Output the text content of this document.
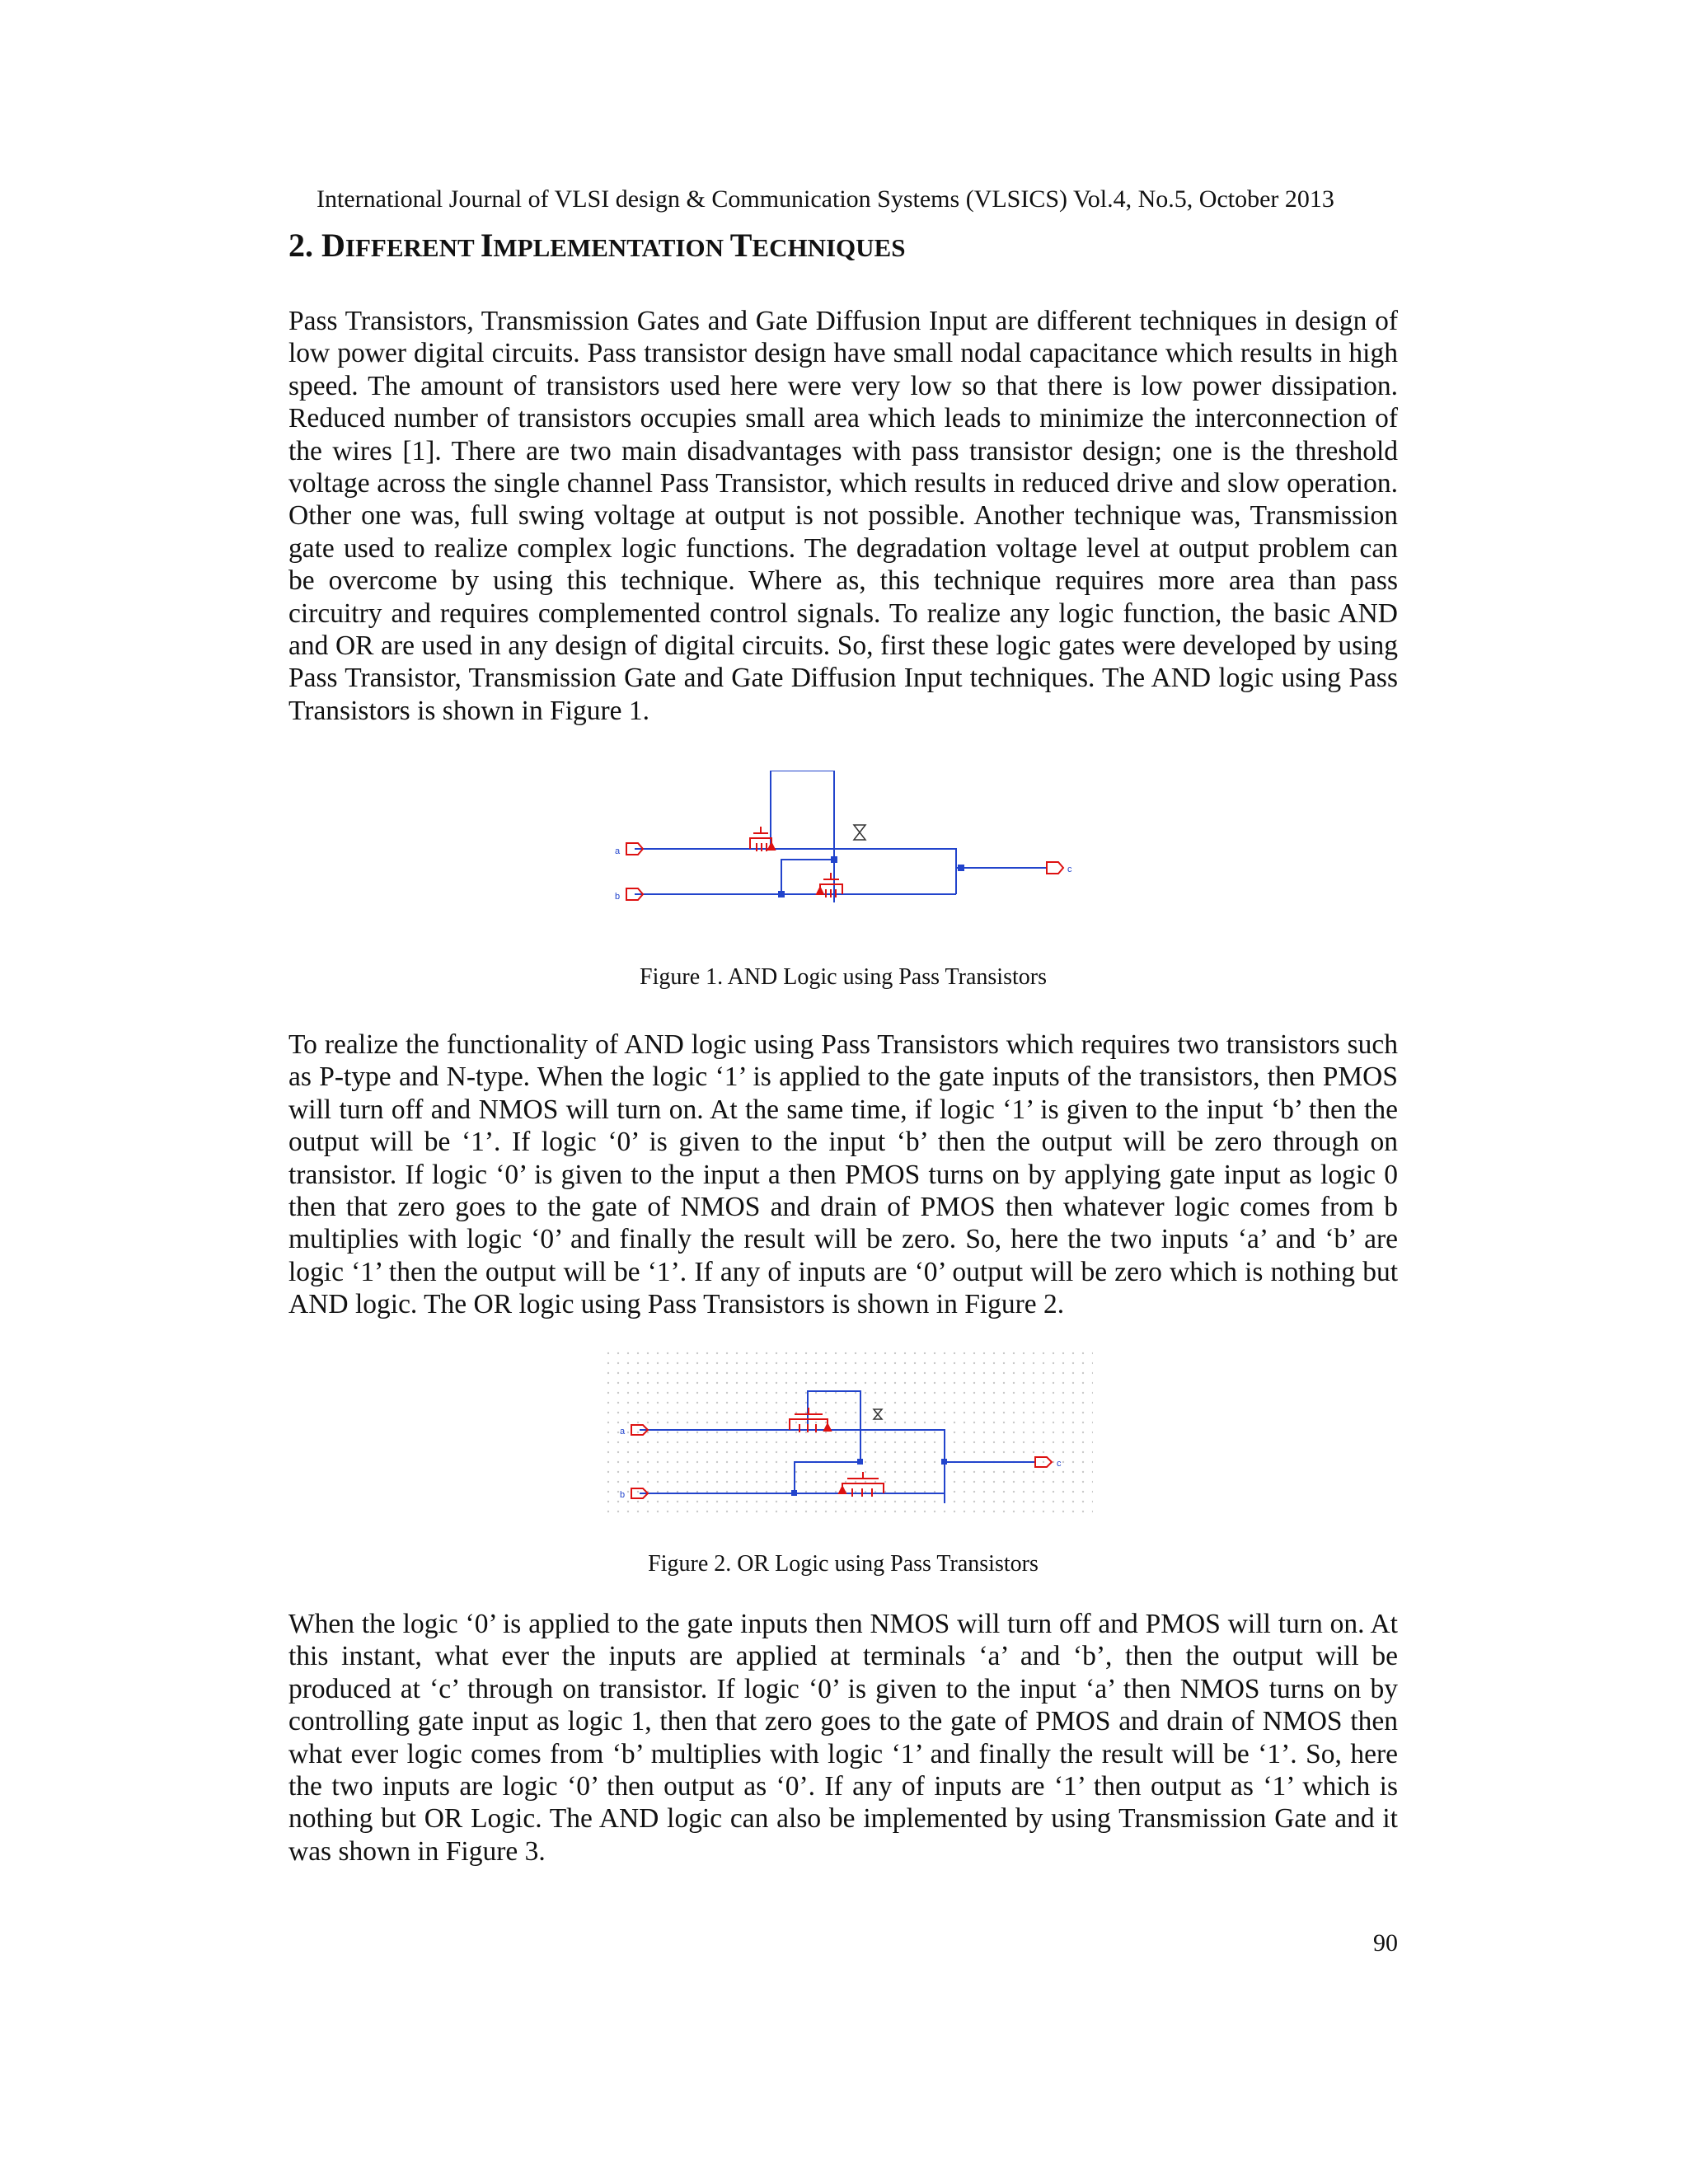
International Journal of VLSI design & Communication Systems (VLSICS) Vol.4, No.5, October 2013
2. DIFFERENT IMPLEMENTATION TECHNIQUES

Pass Transistors, Transmission Gates and Gate Diffusion Input are different techniques in design of low power digital circuits. Pass transistor design have small nodal capacitance which results in high speed. The amount of transistors used here were very low so that there is low power dissipation. Reduced number of transistors occupies small area which leads to minimize the interconnection of the wires [1]. There are two main disadvantages with pass transistor design; one is the threshold voltage across the single channel Pass Transistor, which results in reduced drive and slow operation. Other one was, full swing voltage at output is not possible. Another technique was, Transmission gate used to realize complex logic functions. The degradation voltage level at output problem can be overcome by using this technique. Where as, this technique requires more area than pass circuitry and requires complemented control signals. To realize any logic function, the basic AND and OR are used in any design of digital circuits. So, first these logic gates were developed by using Pass Transistor, Transmission Gate and Gate Diffusion Input techniques. The AND logic using Pass Transistors is shown in Figure 1.

a
b
c
Figure 1. AND Logic using Pass Transistors

To realize the functionality of AND logic using Pass Transistors which requires two transistors such as P-type and N-type. When the logic ‘1’ is applied to the gate inputs of the transistors, then PMOS will turn off and NMOS will turn on. At the same time, if logic ‘1’ is given to the input ‘b’ then the output will be ‘1’. If logic ‘0’ is given to the input ‘b’ then the output will be zero through on transistor. If logic ‘0’ is given to the input a then PMOS turns on by applying gate input as logic 0 then that zero goes to the gate of NMOS and drain of PMOS then whatever logic comes from b multiplies with logic ‘0’ and finally the result will be zero. So, here the two inputs ‘a’ and ‘b’ are logic ‘1’ then the output will be ‘1’. If any of inputs are ‘0’ output will be zero which is nothing but AND logic. The OR logic using Pass Transistors is shown in Figure 2.

a
b
c
Figure 2. OR Logic using Pass Transistors

When the logic ‘0’ is applied to the gate inputs then NMOS will turn off and PMOS will turn on. At this instant, what ever the inputs are applied at terminals ‘a’ and ‘b’, then the output will be produced at ‘c’ through on transistor. If logic ‘0’ is given to the input ‘a’ then NMOS turns on by controlling gate input as logic 1, then that zero goes to the gate of PMOS and drain of NMOS then what ever logic comes from ‘b’ multiplies with logic ‘1’ and finally the result will be ‘1’. So, here the two inputs are logic ‘0’ then output as ‘0’. If any of inputs are ‘1’ then output as ‘1’ which is nothing but OR Logic. The AND logic can also be implemented by using Transmission Gate and it was shown in Figure 3.

90
